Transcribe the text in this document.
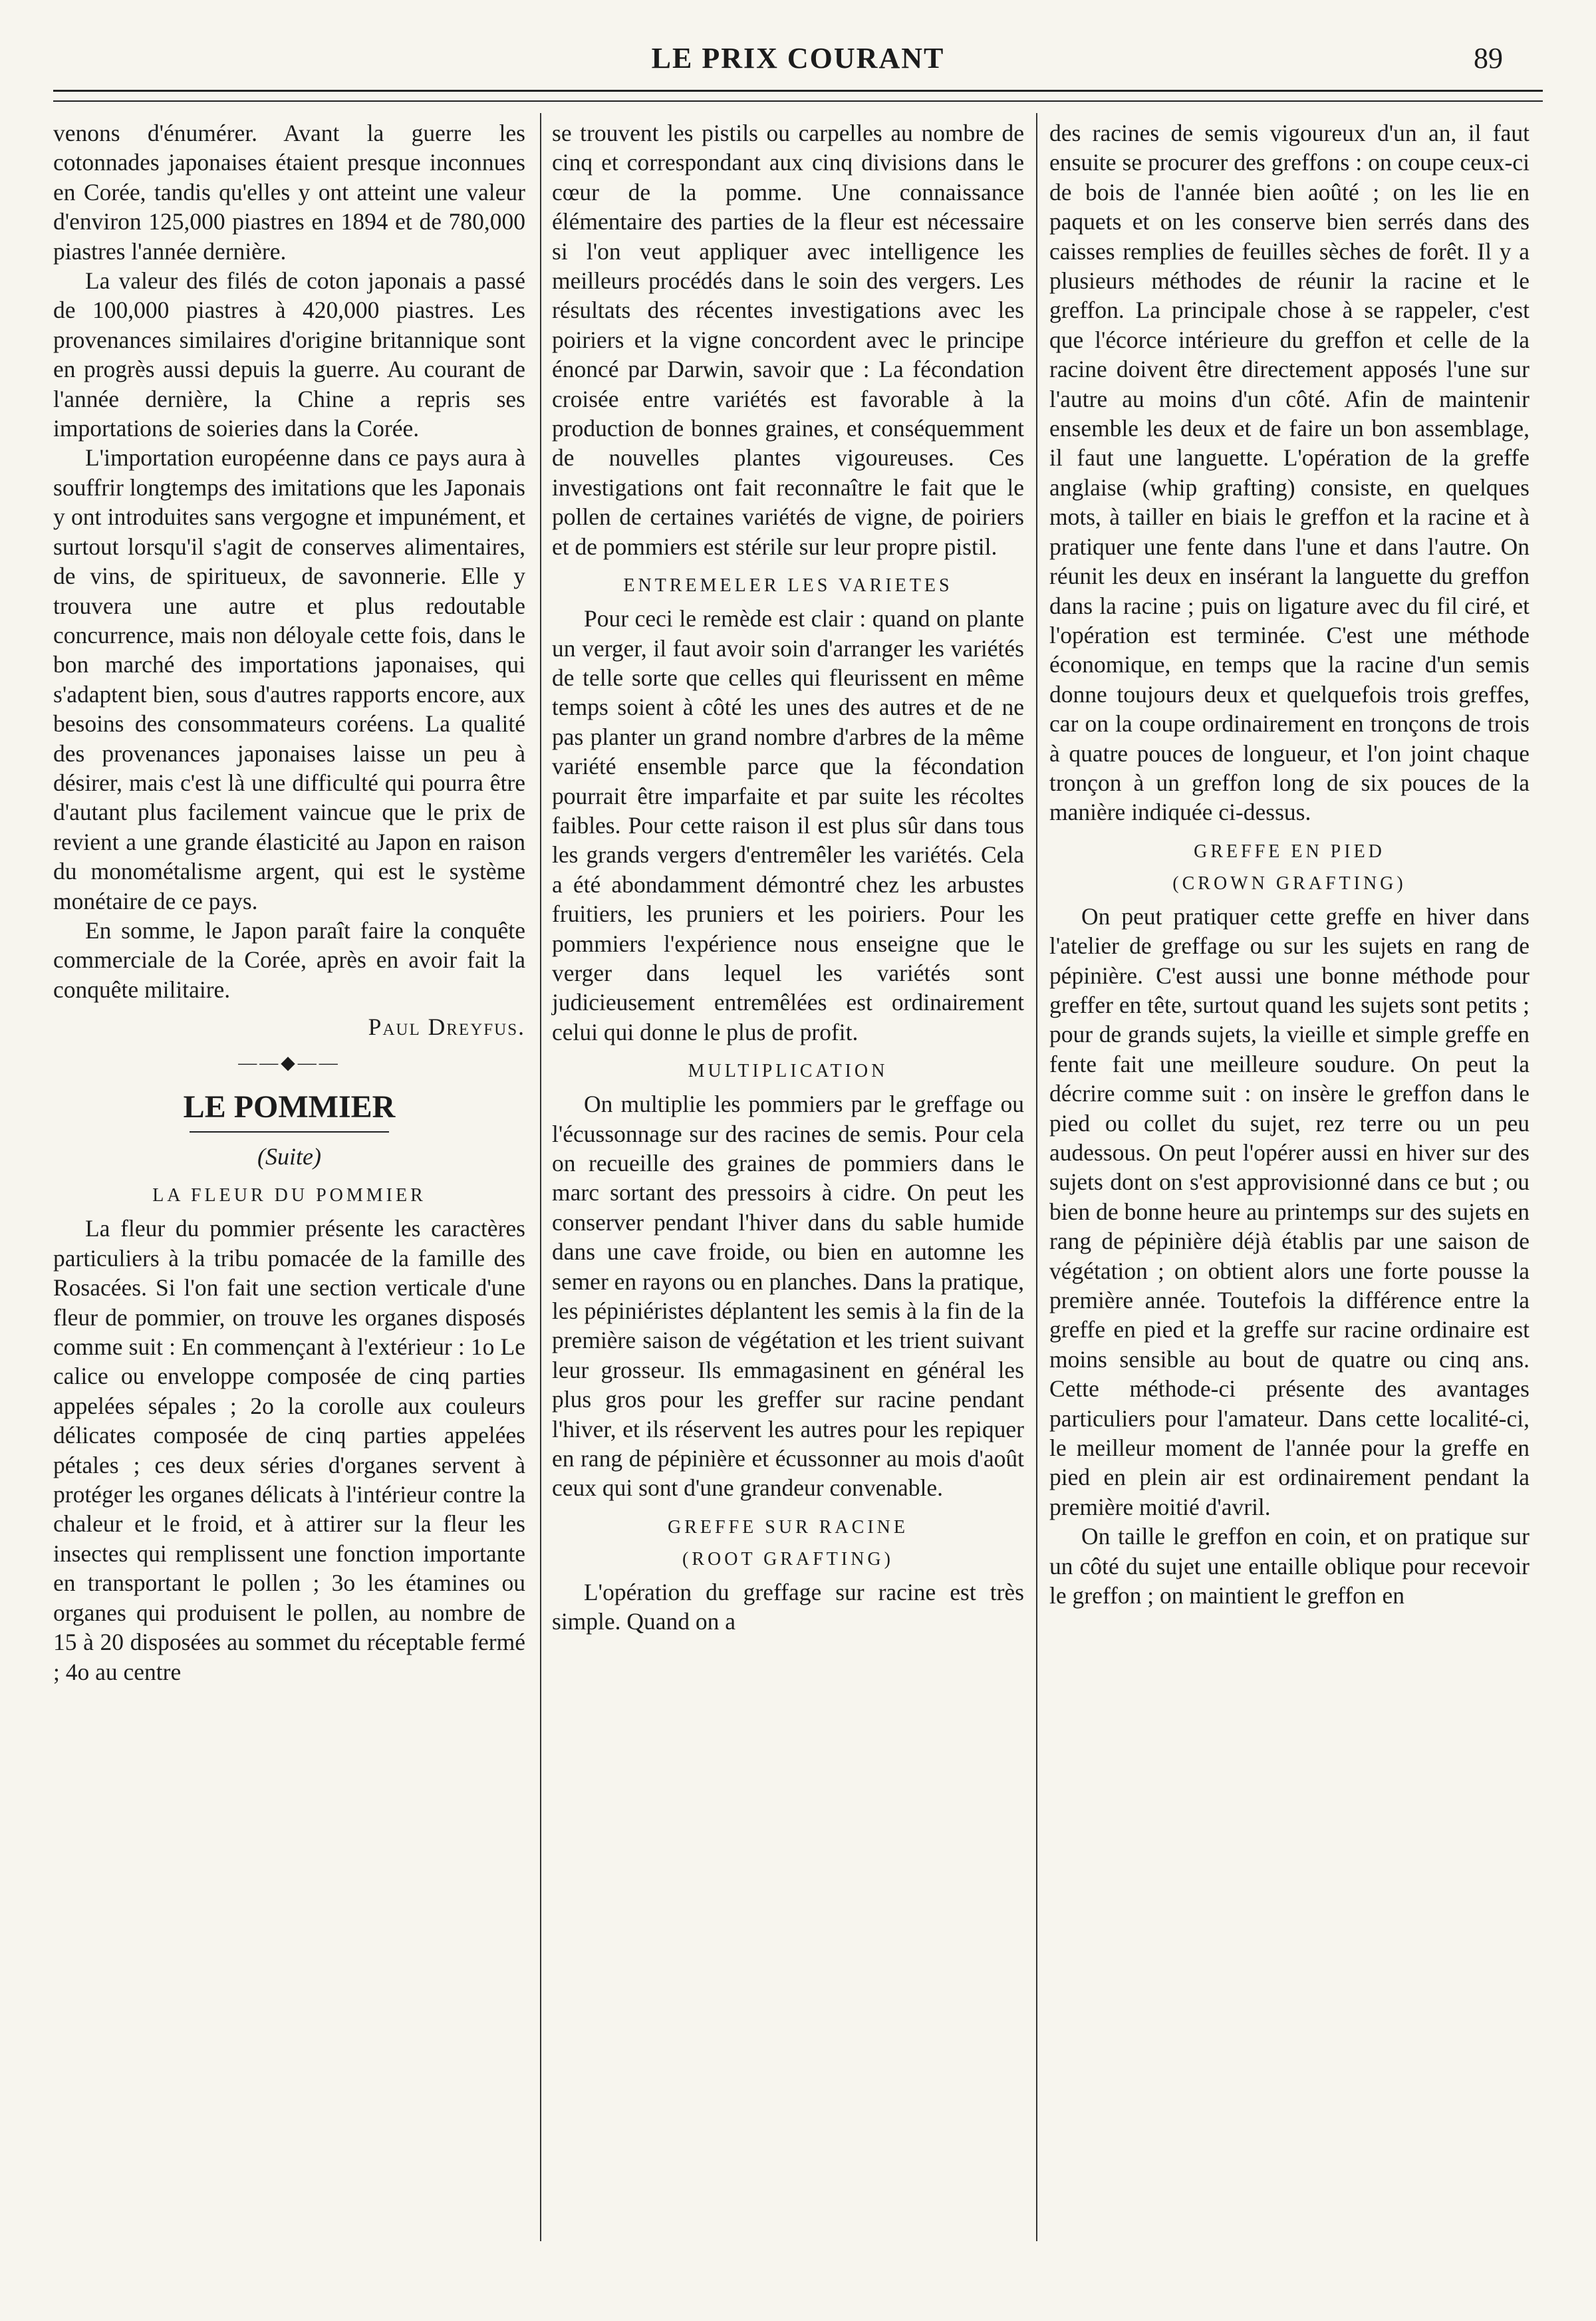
LE PRIX COURANT	89

venons d'énumérer. Avant la guerre les cotonnades japonaises étaient presque inconnues en Corée, tandis qu'elles y ont atteint une valeur d'environ 125,000 piastres en 1894 et de 780,000 piastres l'année dernière.

La valeur des filés de coton japonais a passé de 100,000 piastres à 420,000 piastres. Les provenances similaires d'origine britannique sont en progrès aussi depuis la guerre. Au courant de l'année dernière, la Chine a repris ses importations de soieries dans la Corée.

L'importation européenne dans ce pays aura à souffrir longtemps des imitations que les Japonais y ont introduites sans vergogne et impunément, et surtout lorsqu'il s'agit de conserves alimentaires, de vins, de spiritueux, de savonnerie. Elle y trouvera une autre et plus redoutable concurrence, mais non déloyale cette fois, dans le bon marché des importations japonaises, qui s'adaptent bien, sous d'autres rapports encore, aux besoins des consommateurs coréens. La qualité des provenances japonaises laisse un peu à désirer, mais c'est là une difficulté qui pourra être d'autant plus facilement vaincue que le prix de revient a une grande élasticité au Japon en raison du monométalisme argent, qui est le système monétaire de ce pays.

En somme, le Japon paraît faire la conquête commerciale de la Corée, après en avoir fait la conquête militaire.

Paul Dreyfus.

——◆——
LE POMMIER
(Suite)
LA FLEUR DU POMMIER

La fleur du pommier présente les caractères particuliers à la tribu pomacée de la famille des Rosacées. Si l'on fait une section verticale d'une fleur de pommier, on trouve les organes disposés comme suit : En commençant à l'extérieur : 1o Le calice ou enveloppe composée de cinq parties appelées sépales ; 2o la corolle aux couleurs délicates composée de cinq parties appelées pétales ; ces deux séries d'organes servent à protéger les organes délicats à l'intérieur contre la chaleur et le froid, et à attirer sur la fleur les insectes qui remplissent une fonction importante en transportant le pollen ; 3o les étamines ou organes qui produisent le pollen, au nombre de 15 à 20 disposées au sommet du réceptable fermé ; 4o au centre

se trouvent les pistils ou carpelles au nombre de cinq et correspondant aux cinq divisions dans le cœur de la pomme. Une connaissance élémentaire des parties de la fleur est nécessaire si l'on veut appliquer avec intelligence les meilleurs procédés dans le soin des vergers. Les résultats des récentes investigations avec les poiriers et la vigne concordent avec le principe énoncé par Darwin, savoir que : La fécondation croisée entre variétés est favorable à la production de bonnes graines, et conséquemment de nouvelles plantes vigoureuses. Ces investigations ont fait reconnaître le fait que le pollen de certaines variétés de vigne, de poiriers et de pommiers est stérile sur leur propre pistil.

ENTREMELER LES VARIETES

Pour ceci le remède est clair : quand on plante un verger, il faut avoir soin d'arranger les variétés de telle sorte que celles qui fleurissent en même temps soient à côté les unes des autres et de ne pas planter un grand nombre d'arbres de la même variété ensemble parce que la fécondation pourrait être imparfaite et par suite les récoltes faibles. Pour cette raison il est plus sûr dans tous les grands vergers d'entremêler les variétés. Cela a été abondamment démontré chez les arbustes fruitiers, les pruniers et les poiriers. Pour les pommiers l'expérience nous enseigne que le verger dans lequel les variétés sont judicieusement entremêlées est ordinairement celui qui donne le plus de profit.

MULTIPLICATION

On multiplie les pommiers par le greffage ou l'écussonnage sur des racines de semis. Pour cela on recueille des graines de pommiers dans le marc sortant des pressoirs à cidre. On peut les conserver pendant l'hiver dans du sable humide dans une cave froide, ou bien en automne les semer en rayons ou en planches. Dans la pratique, les pépiniéristes déplantent les semis à la fin de la première saison de végétation et les trient suivant leur grosseur. Ils emmagasinent en général les plus gros pour les greffer sur racine pendant l'hiver, et ils réservent les autres pour les repiquer en rang de pépinière et écussonner au mois d'août ceux qui sont d'une grandeur convenable.

GREFFE SUR RACINE
(ROOT GRAFTING)

L'opération du greffage sur racine est très simple. Quand on a

des racines de semis vigoureux d'un an, il faut ensuite se procurer des greffons : on coupe ceux-ci de bois de l'année bien aoûté ; on les lie en paquets et on les conserve bien serrés dans des caisses remplies de feuilles sèches de forêt. Il y a plusieurs méthodes de réunir la racine et le greffon. La principale chose à se rappeler, c'est que l'écorce intérieure du greffon et celle de la racine doivent être directement apposés l'une sur l'autre au moins d'un côté. Afin de maintenir ensemble les deux et de faire un bon assemblage, il faut une languette. L'opération de la greffe anglaise (whip grafting) consiste, en quelques mots, à tailler en biais le greffon et la racine et à pratiquer une fente dans l'une et dans l'autre. On réunit les deux en insérant la languette du greffon dans la racine ; puis on ligature avec du fil ciré, et l'opération est terminée. C'est une méthode économique, en temps que la racine d'un semis donne toujours deux et quelquefois trois greffes, car on la coupe ordinairement en tronçons de trois à quatre pouces de longueur, et l'on joint chaque tronçon à un greffon long de six pouces de la manière indiquée ci-dessus.

GREFFE EN PIED
(CROWN GRAFTING)

On peut pratiquer cette greffe en hiver dans l'atelier de greffage ou sur les sujets en rang de pépinière. C'est aussi une bonne méthode pour greffer en tête, surtout quand les sujets sont petits ; pour de grands sujets, la vieille et simple greffe en fente fait une meilleure soudure. On peut la décrire comme suit : on insère le greffon dans le pied ou collet du sujet, rez terre ou un peu audessous. On peut l'opérer aussi en hiver sur des sujets dont on s'est approvisionné dans ce but ; ou bien de bonne heure au printemps sur des sujets en rang de pépinière déjà établis par une saison de végétation ; on obtient alors une forte pousse la première année. Toutefois la différence entre la greffe en pied et la greffe sur racine ordinaire est moins sensible au bout de quatre ou cinq ans. Cette méthode-ci présente des avantages particuliers pour l'amateur. Dans cette localité-ci, le meilleur moment de l'année pour la greffe en pied en plein air est ordinairement pendant la première moitié d'avril.

On taille le greffon en coin, et on pratique sur un côté du sujet une entaille oblique pour recevoir le greffon ; on maintient le greffon en
